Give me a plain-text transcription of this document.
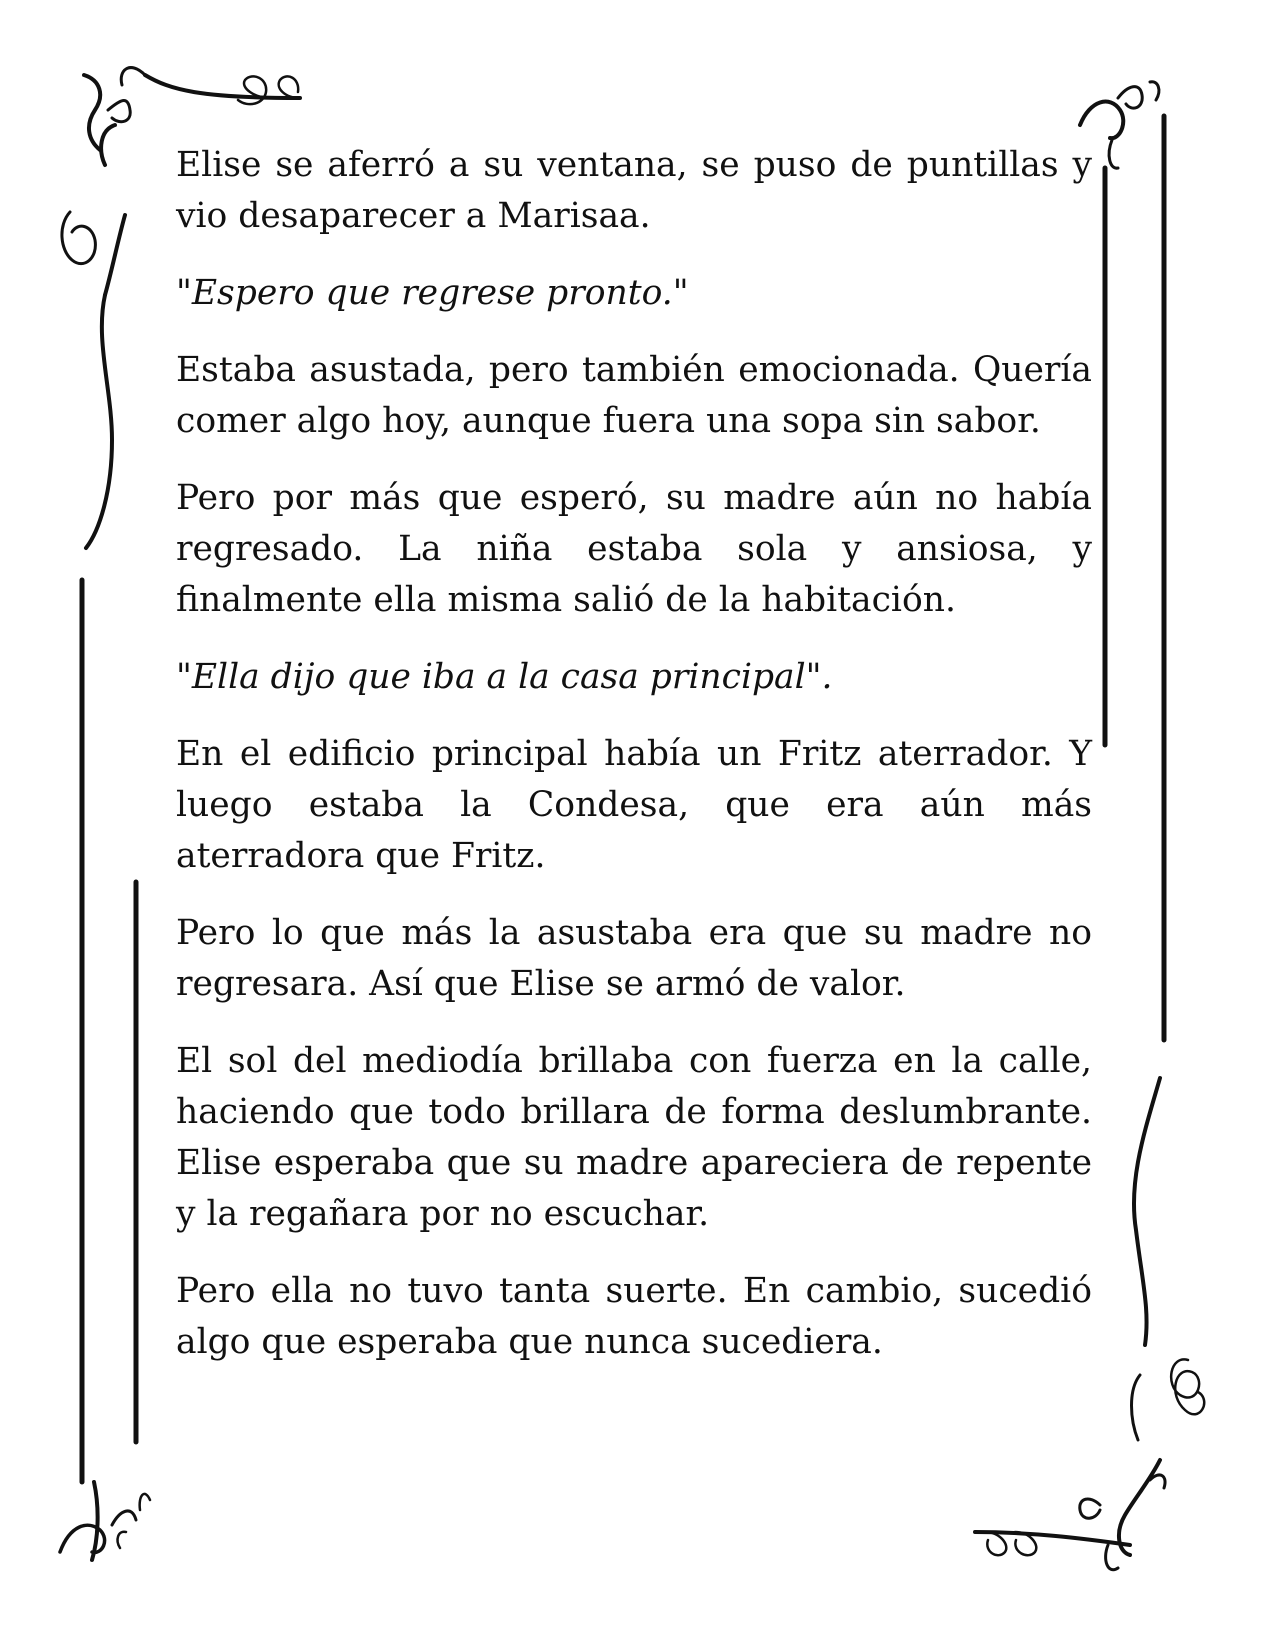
Elise se aferró a su ventana, se puso de puntillas y vio desaparecer a Marisaa.

"Espero que regrese pronto."

Estaba asustada, pero también emocionada. Quería comer algo hoy, aunque fuera una sopa sin sabor.

Pero por más que esperó, su madre aún no había regresado. La niña estaba sola y ansiosa, y finalmente ella misma salió de la habitación.

"Ella dijo que iba a la casa principal".

En el edificio principal había un Fritz aterrador. Y luego estaba la Condesa, que era aún más aterradora que Fritz.

Pero lo que más la asustaba era que su madre no regresara. Así que Elise se armó de valor.

El sol del mediodía brillaba con fuerza en la calle, haciendo que todo brillara de forma deslumbrante. Elise esperaba que su madre apareciera de repente y la regañara por no escuchar.

Pero ella no tuvo tanta suerte. En cambio, sucedió algo que esperaba que nunca sucediera.
